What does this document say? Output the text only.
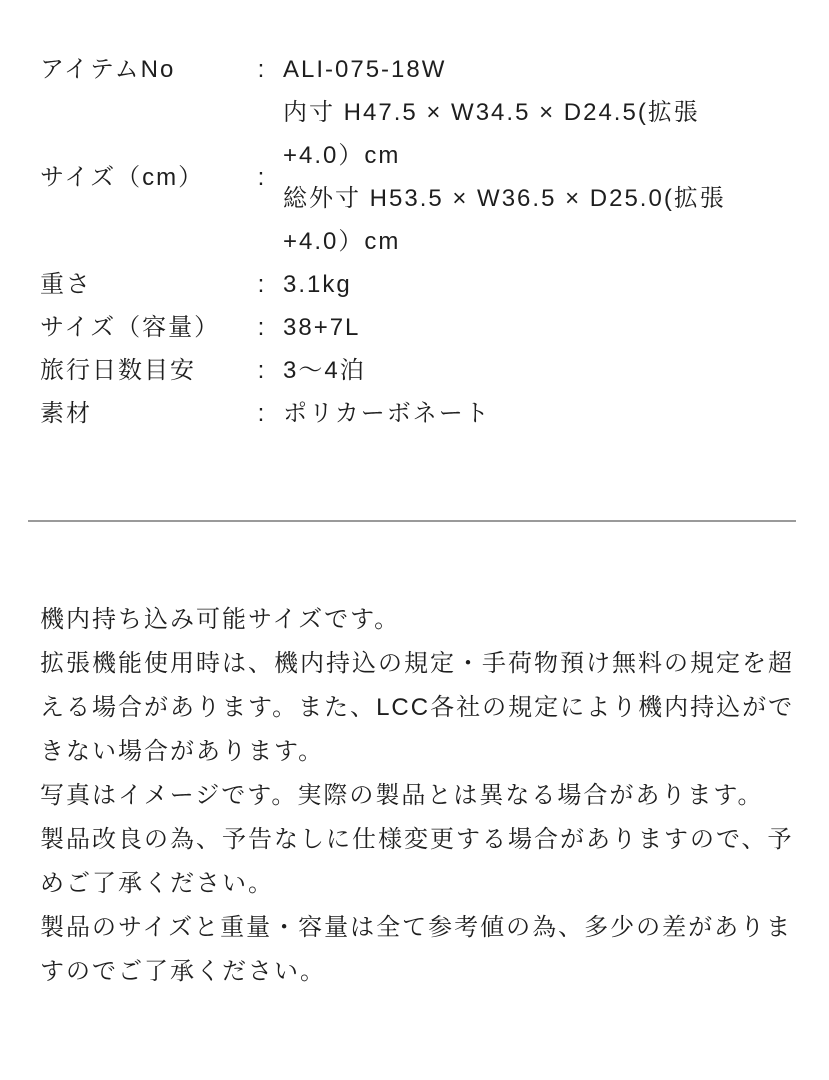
アイテムNo	: ALI-075-18W
サイズ（cm）	:
内寸 H47.5 × W34.5 × D24.5(拡張
+4.0）cm
総外寸 H53.5 × W36.5 × D25.0(拡張
+4.0）cm
重さ	: 3.1kg
サイズ（容量）	: 38+7L
旅行日数目安	: 3〜4泊
素材	: ポリカーボネート
機内持ち込み可能サイズです。
拡張機能使用時は、機内持込の規定・手荷物預け無料の規定を超える場合があります。また、LCC各社の規定により機内持込ができない場合があります。
写真はイメージです。実際の製品とは異なる場合があります。
製品改良の為、予告なしに仕様変更する場合がありますので、予めご了承ください。
製品のサイズと重量・容量は全て参考値の為、多少の差がありますのでご了承ください。
